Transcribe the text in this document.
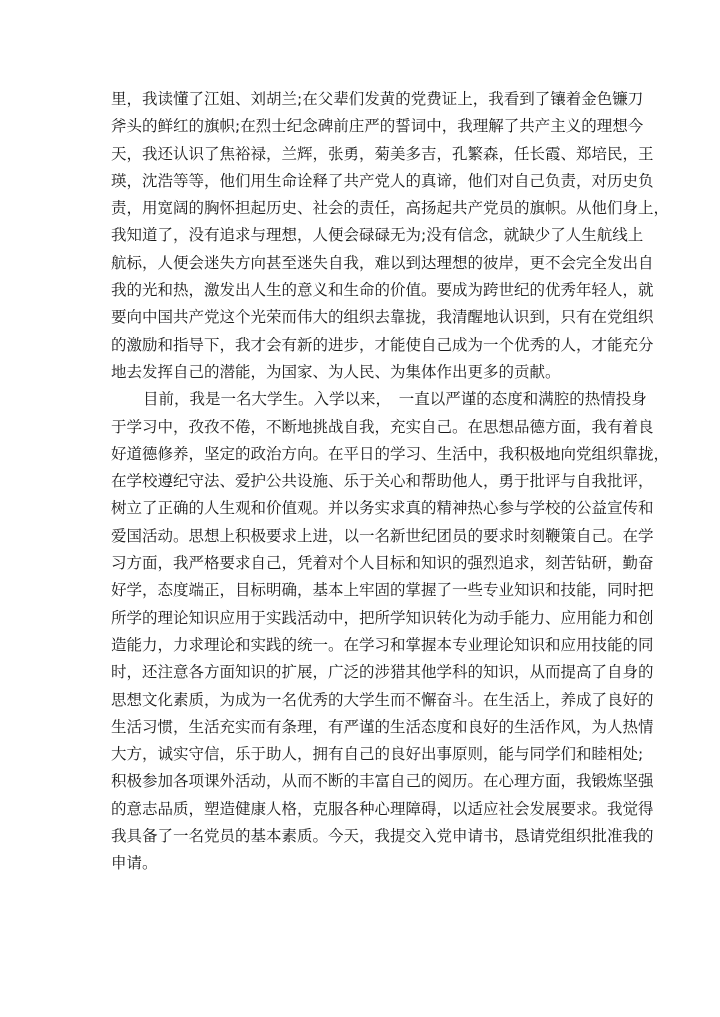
里，我读懂了江姐、刘胡兰;在父辈们发黄的党费证上，我看到了镶着金色镰刀
斧头的鲜红的旗帜;在烈士纪念碑前庄严的誓词中，我理解了共产主义的理想今
天，我还认识了焦裕禄，兰辉，张勇，菊美多吉，孔繁森，任长霞、郑培民，王
瑛，沈浩等等，他们用生命诠释了共产党人的真谛，他们对自己负责，对历史负
责，用宽阔的胸怀担起历史、社会的责任，高扬起共产党员的旗帜。从他们身上，
我知道了，没有追求与理想，人便会碌碌无为;没有信念，就缺少了人生航线上
航标，人便会迷失方向甚至迷失自我，难以到达理想的彼岸，更不会完全发出自
我的光和热，激发出人生的意义和生命的价值。要成为跨世纪的优秀年轻人，就
要向中国共产党这个光荣而伟大的组织去靠拢，我清醒地认识到，只有在党组织
的激励和指导下，我才会有新的进步，才能使自己成为一个优秀的人，才能充分
地去发挥自己的潜能，为国家、为人民、为集体作出更多的贡献。
目前，我是一名大学生。入学以来，　一直以严谨的态度和满腔的热情投身
于学习中，孜孜不倦，不断地挑战自我，充实自己。在思想品德方面，我有着良
好道德修养，坚定的政治方向。在平日的学习、生活中，我积极地向党组织靠拢，
在学校遵纪守法、爱护公共设施、乐于关心和帮助他人，勇于批评与自我批评，
树立了正确的人生观和价值观。并以务实求真的精神热心参与学校的公益宣传和
爱国活动。思想上积极要求上进，以一名新世纪团员的要求时刻鞭策自己。在学
习方面，我严格要求自己，凭着对个人目标和知识的强烈追求，刻苦钻研，勤奋
好学，态度端正，目标明确，基本上牢固的掌握了一些专业知识和技能，同时把
所学的理论知识应用于实践活动中，把所学知识转化为动手能力、应用能力和创
造能力，力求理论和实践的统一。在学习和掌握本专业理论知识和应用技能的同
时，还注意各方面知识的扩展，广泛的涉猎其他学科的知识，从而提高了自身的
思想文化素质，为成为一名优秀的大学生而不懈奋斗。在生活上，养成了良好的
生活习惯，生活充实而有条理，有严谨的生活态度和良好的生活作风，为人热情
大方，诚实守信，乐于助人，拥有自己的良好出事原则，能与同学们和睦相处;
积极参加各项课外活动，从而不断的丰富自己的阅历。在心理方面，我锻炼坚强
的意志品质，塑造健康人格，克服各种心理障碍，以适应社会发展要求。我觉得
我具备了一名党员的基本素质。今天，我提交入党申请书，恳请党组织批准我的
申请。
